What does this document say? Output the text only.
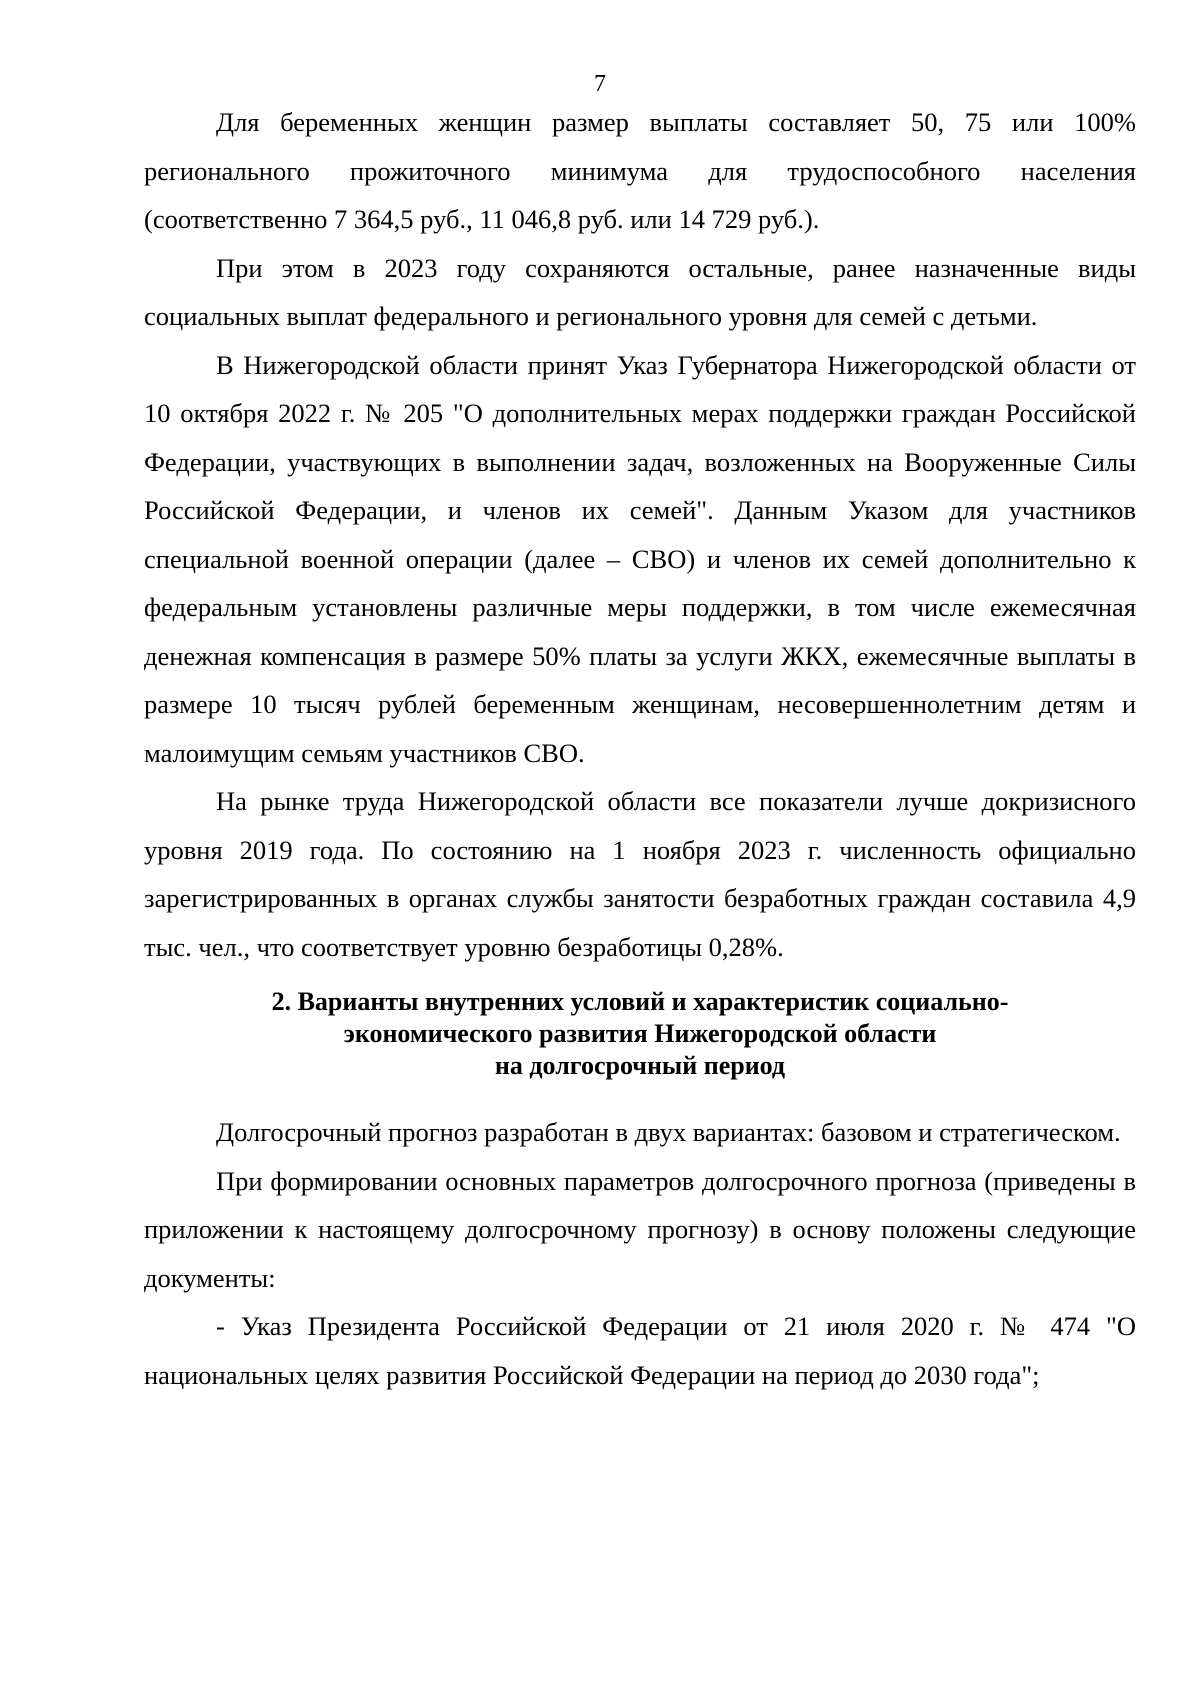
7

Для беременных женщин размер выплаты составляет 50, 75 или 100% регионального прожиточного минимума для трудоспособного населения (соответственно 7 364,5 руб., 11 046,8 руб. или 14 729 руб.).

При этом в 2023 году сохраняются остальные, ранее назначенные виды социальных выплат федерального и регионального уровня для семей с детьми.

В Нижегородской области принят Указ Губернатора Нижегородской области от 10 октября 2022 г. № 205 "О дополнительных мерах поддержки граждан Российской Федерации, участвующих в выполнении задач, возложенных на Вооруженные Силы Российской Федерации, и членов их семей". Данным Указом для участников специальной военной операции (далее – СВО) и членов их семей дополнительно к федеральным установлены различные меры поддержки, в том числе ежемесячная денежная компенсация в размере 50% платы за услуги ЖКХ, ежемесячные выплаты в размере 10 тысяч рублей беременным женщинам, несовершеннолетним детям и малоимущим семьям участников СВО.

На рынке труда Нижегородской области все показатели лучше докризисного уровня 2019 года. По состоянию на 1 ноября 2023 г. численность официально зарегистрированных в органах службы занятости безработных граждан составила 4,9 тыс. чел., что соответствует уровню безработицы 0,28%.

2. Варианты внутренних условий и характеристик социально-
экономического развития Нижегородской области
на долгосрочный период

Долгосрочный прогноз разработан в двух вариантах: базовом и стратегическом.

При формировании основных параметров долгосрочного прогноза (приведены в приложении к настоящему долгосрочному прогнозу) в основу положены следующие документы:

- Указ Президента Российской Федерации от 21 июля 2020 г. № 474 "О национальных целях развития Российской Федерации на период до 2030 года";
